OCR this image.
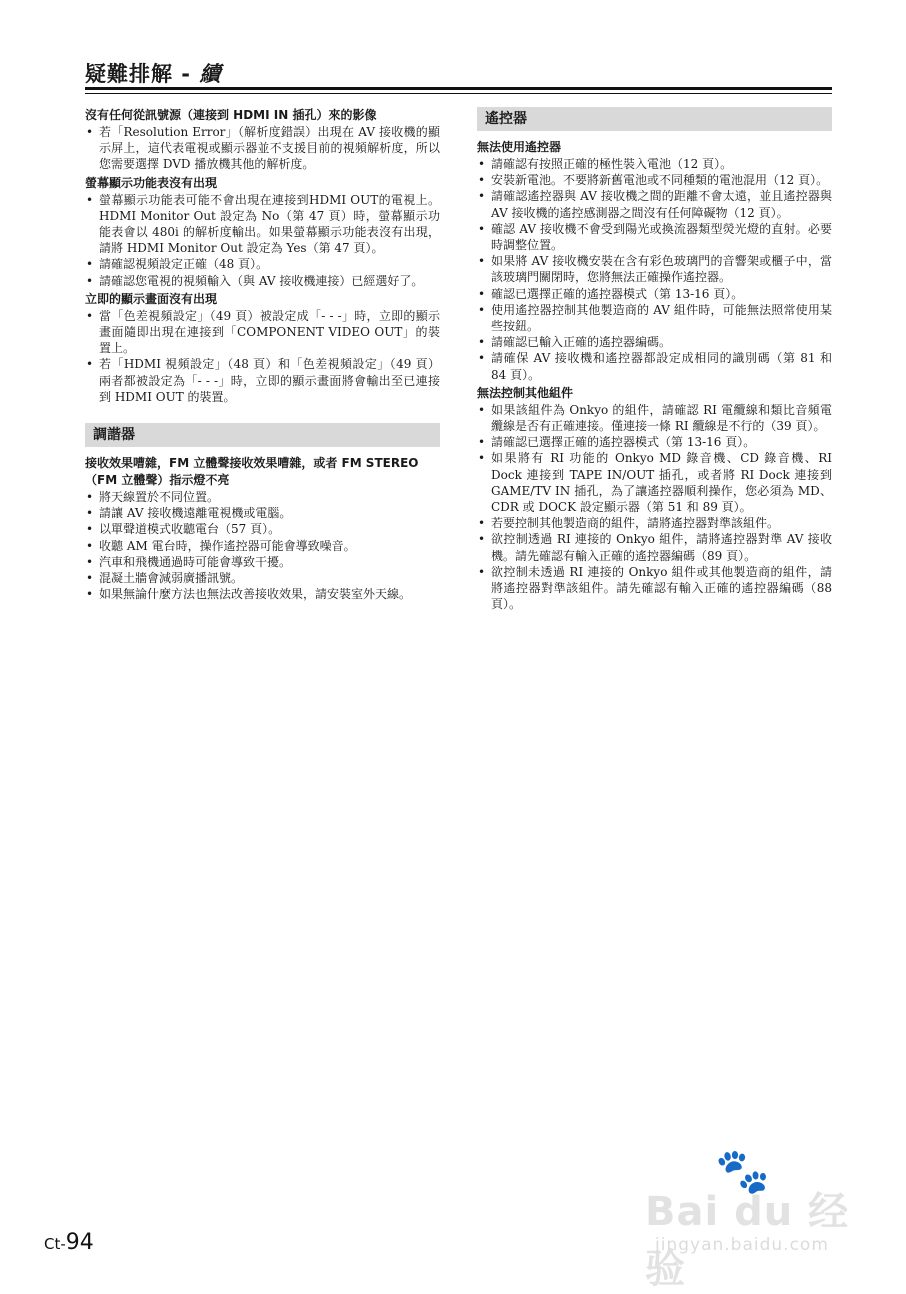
疑難排解 - 續

沒有任何從訊號源（連接到 HDMI IN 插孔）來的影像

• 若「Resolution Error」（解析度錯誤）出現在 AV 接收機的顯示屏上，這代表電視或顯示器並不支援目前的視頻解析度，所以您需要選擇 DVD 播放機其他的解析度。

螢幕顯示功能表沒有出現

• 螢幕顯示功能表可能不會出現在連接到HDMI OUT的電視上。HDMI Monitor Out 設定為 No（第 47 頁）時，螢幕顯示功能表會以 480i 的解析度輸出。如果螢幕顯示功能表沒有出現，請將 HDMI Monitor Out 設定為 Yes（第 47 頁）。
• 請確認視頻設定正確（48 頁）。
• 請確認您電視的視頻輸入（與 AV 接收機連接）已經選好了。

立即的顯示畫面沒有出現

• 當「色差視頻設定」（49 頁）被設定成「- - -」時，立即的顯示畫面隨即出現在連接到「COMPONENT VIDEO OUT」的裝置上。
• 若「HDMI 視頻設定」（48 頁）和「色差視頻設定」（49 頁）兩者都被設定為「- - -」時，立即的顯示畫面將會輸出至已連接到 HDMI OUT 的裝置。
調諧器

接收效果嘈雜，FM 立體聲接收效果嘈雜，或者 FM STEREO（FM 立體聲）指示燈不亮

• 將天線置於不同位置。
• 請讓 AV 接收機遠離電視機或電腦。
• 以單聲道模式收聽電台（57 頁）。
• 收聽 AM 電台時，操作遙控器可能會導致噪音。
• 汽車和飛機通過時可能會導致干擾。
• 混凝土牆會減弱廣播訊號。
• 如果無論什麼方法也無法改善接收效果，請安裝室外天線。
遙控器

無法使用遙控器

• 請確認有按照正確的極性裝入電池（12 頁）。
• 安裝新電池。不要將新舊電池或不同種類的電池混用（12 頁）。
• 請確認遙控器與 AV 接收機之間的距離不會太遠，並且遙控器與 AV 接收機的遙控感測器之間沒有任何障礙物（12 頁）。
• 確認 AV 接收機不會受到陽光或換流器類型熒光燈的直射。必要時調整位置。
• 如果將 AV 接收機安裝在含有彩色玻璃門的音響架或櫃子中，當該玻璃門關閉時，您將無法正確操作遙控器。
• 確認已選擇正確的遙控器模式（第 13-16 頁）。
• 使用遙控器控制其他製造商的 AV 組件時，可能無法照常使用某些按鈕。
• 請確認已輸入正確的遙控器編碼。
• 請確保 AV 接收機和遙控器都設定成相同的識別碼（第 81 和 84 頁）。

無法控制其他組件

• 如果該組件為 Onkyo 的組件，請確認 RI 電纜線和類比音頻電纜線是否有正確連接。僅連接一條 RI 纜線是不行的（39 頁）。
• 請確認已選擇正確的遙控器模式（第 13-16 頁）。
• 如果將有 RI 功能的 Onkyo MD 錄音機、CD 錄音機、RI Dock 連接到 TAPE IN/OUT 插孔，或者將 RI Dock 連接到 GAME/TV IN 插孔，為了讓遙控器順利操作，您必須為 MD、CDR 或 DOCK 設定顯示器（第 51 和 89 頁）。
• 若要控制其他製造商的組件，請將遙控器對準該組件。
• 欲控制透過 RI 連接的 Onkyo 組件，請將遙控器對準 AV 接收機。請先確認有輸入正確的遙控器編碼（89 頁）。
• 欲控制未透過 RI 連接的 Onkyo 組件或其他製造商的組件，請將遙控器對準該組件。請先確認有輸入正確的遙控器編碼（88 頁）。
Ct-94
🐾
Bai du 经验
jingyan.baidu.com
